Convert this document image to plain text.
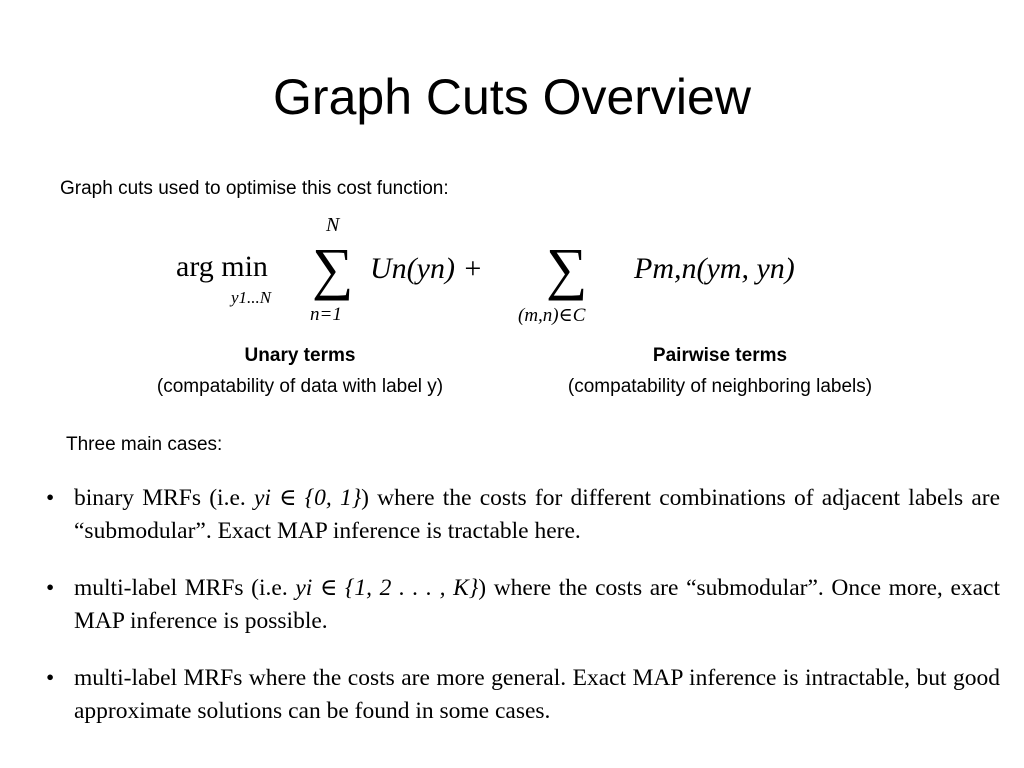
Graph Cuts Overview
Graph cuts used to optimise this cost function:
arg min
y1...N
N
∑
n=1
Un(yn) + ∑
(m,n)∈C
Pm,n(ym, yn)
Unary terms
(compatability of data with label y)
Pairwise terms
(compatability of neighboring labels)
Three main cases:
• binary MRFs (i.e. yi ∈ {0, 1}) where the costs for different combinations of adjacent labels are “submodular”. Exact MAP inference is tractable here.
• multi-label MRFs (i.e. yi ∈ {1, 2 . . . , K}) where the costs are “submodular”. Once more, exact MAP inference is possible.
• multi-label MRFs where the costs are more general. Exact MAP inference is intractable, but good approximate solutions can be found in some cases.
